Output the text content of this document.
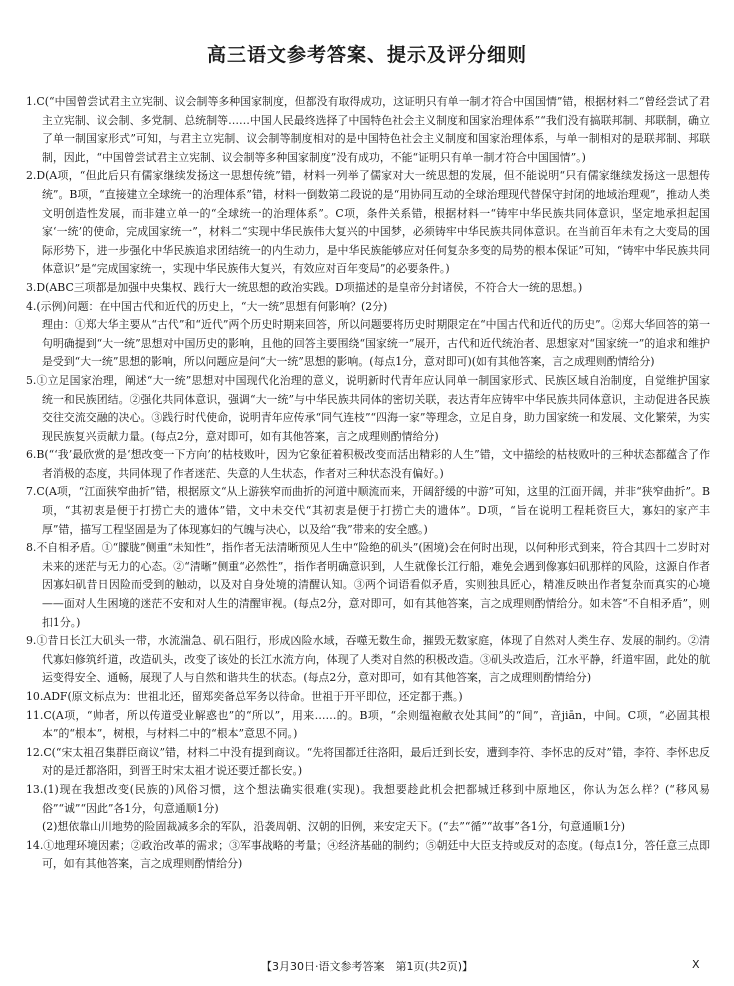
高三语文参考答案、提示及评分细则

1.C(“中国曾尝试君主立宪制、议会制等多种国家制度，但都没有取得成功，这证明只有单一制才符合中国国情”错，根据材料二“曾经尝试了君主立宪制、议会制、多党制、总统制等……中国人民最终选择了中国特色社会主义制度和国家治理体系”“我们没有搞联邦制、邦联制，确立了单一制国家形式”可知，与君主立宪制、议会制等制度相对的是中国特色社会主义制度和国家治理体系，与单一制相对的是联邦制、邦联制，因此，“中国曾尝试君主立宪制、议会制等多种国家制度”没有成功，不能“证明只有单一制才符合中国国情”。)

2.D(A项，“但此后只有儒家继续发扬这一思想传统”错，材料一列举了儒家对大一统思想的发展，但不能说明“只有儒家继续发扬这一思想传统”。B项，“直接建立全球统一的治理体系”错，材料一倒数第二段说的是“用协同互动的全球治理现代替保守封闭的地域治理观”，推动人类文明创造性发展，而非建立单一的“全球统一的治理体系”。C项，条件关系错，根据材料一“铸牢中华民族共同体意识，坚定地承担起国家‘一统’的使命，完成国家统一”，材料二“实现中华民族伟大复兴的中国梦，必须铸牢中华民族共同体意识。在当前百年未有之大变局的国际形势下，进一步强化中华民族追求团结统一的内生动力，是中华民族能够应对任何复杂多变的局势的根本保证”可知，“铸牢中华民族共同体意识”是“完成国家统一，实现中华民族伟大复兴，有效应对百年变局”的必要条件。)

3.D(ABC三项都是加强中央集权、践行大一统思想的政治实践。D项描述的是皇帝分封诸侯，不符合大一统的思想。)

4.(示例)问题：在中国古代和近代的历史上，“大一统”思想有何影响？(2分)

理由：①郑大华主要从“古代”和“近代”两个历史时期来回答，所以问题要将历史时期限定在“中国古代和近代的历史”。②郑大华回答的第一句明确提到“大一统”思想对中国历史的影响，且他的回答主要围绕“国家统一”展开，古代和近代统治者、思想家对“国家统一”的追求和维护是受到“大一统”思想的影响，所以问题应是问“大一统”思想的影响。(每点1分，意对即可)(如有其他答案，言之成理则酌情给分)

5.①立足国家治理，阐述“大一统”思想对中国现代化治理的意义，说明新时代青年应认同单一制国家形式、民族区域自治制度，自觉维护国家统一和民族团结。②强化共同体意识，强调“大一统”与中华民族共同体的密切关联，表达青年应铸牢中华民族共同体意识，主动促进各民族交往交流交融的决心。③践行时代使命，说明青年应传承“同气连枝”“四海一家”等理念，立足自身，助力国家统一和发展、文化繁荣，为实现民族复兴贡献力量。(每点2分，意对即可，如有其他答案，言之成理则酌情给分)

6.B(“‘我’最欣赏的是‘想改变一下方向’的枯枝败叶，因为它象征着积极改变而活出精彩的人生”错，文中描绘的枯枝败叶的三种状态都蕴含了作者消极的态度，共同体现了作者迷茫、失意的人生状态，作者对三种状态没有偏好。)

7.C(A项，“江面狭窄曲折”错，根据原文“从上游狭窄而曲折的河道中顺流而来，开阔舒缓的中游”可知，这里的江面开阔，并非“狭窄曲折”。B项，“其初衷是便于打捞亡夫的遗体”错，文中未交代“其初衷是便于打捞亡夫的遗体”。D项，“旨在说明工程耗资巨大，寡妇的家产丰厚”错，描写工程坚固是为了体现寡妇的气魄与决心，以及给“我”带来的安全感。)

8.不自相矛盾。①“朦胧”侧重“未知性”，指作者无法清晰预见人生中“险绝的矶头”(困境)会在何时出现，以何种形式到来，符合其四十二岁时对未来的迷茫与无力的心态。②“清晰”侧重“必然性”，指作者明确意识到，人生就像长江行船，难免会遇到像寡妇矶那样的风险，这源自作者因寡妇矶昔日因险而受到的触动，以及对自身处境的清醒认知。③两个词语看似矛盾，实则独具匠心，精准反映出作者复杂而真实的心境——面对人生困境的迷茫不安和对人生的清醒审视。(每点2分，意对即可，如有其他答案，言之成理则酌情给分。如未答“不自相矛盾”，则扣1分。)

9.①昔日长江大矶头一带，水流湍急、矶石阻行，形成凶险水域，吞噬无数生命，摧毁无数家庭，体现了自然对人类生存、发展的制约。②清代寡妇修筑纤道，改造矶头，改变了该处的长江水流方向，体现了人类对自然的积极改造。③矶头改造后，江水平静，纤道牢固，此处的航运变得安全、通畅，展现了人与自然和谐共生的状态。(每点2分，意对即可，如有其他答案，言之成理则酌情给分)

10.ADF(原文标点为：世祖北还，留郑奕备总军务以待命。世祖于开平即位，还定都于燕。)

11.C(A项，“帅者，所以传道受业解惑也”的“所以”，用来……的。B项，“余则缊袍敝衣处其间”的“间”，音jiān，中间。C项，“必固其根本”的“根本”，树根，与材料二中的“根本”意思不同。)

12.C(“宋太祖召集群臣商议”错，材料二中没有提到商议。“先将国都迁往洛阳，最后迁到长安，遭到李符、李怀忠的反对”错，李符、李怀忠反对的是迁都洛阳，到晋王时宋太祖才说还要迁都长安。)

13.(1)现在我想改变(民族的)风俗习惯，这个想法确实很难(实现)。我想要趁此机会把都城迁移到中原地区，你认为怎么样？(“移风易俗”“诚”“因此”各1分，句意通顺1分)

(2)想依靠山川地势的险固裁减多余的军队，沿袭周朝、汉朝的旧例，来安定天下。(“去”“循”“故事”各1分，句意通顺1分)

14.①地理环境因素；②政治改革的需求；③军事战略的考量；④经济基础的制约；⑤朝廷中大臣支持或反对的态度。(每点1分，答任意三点即可，如有其他答案，言之成理则酌情给分)

【3月30日·语文参考答案　第1页(共2页)】	X
